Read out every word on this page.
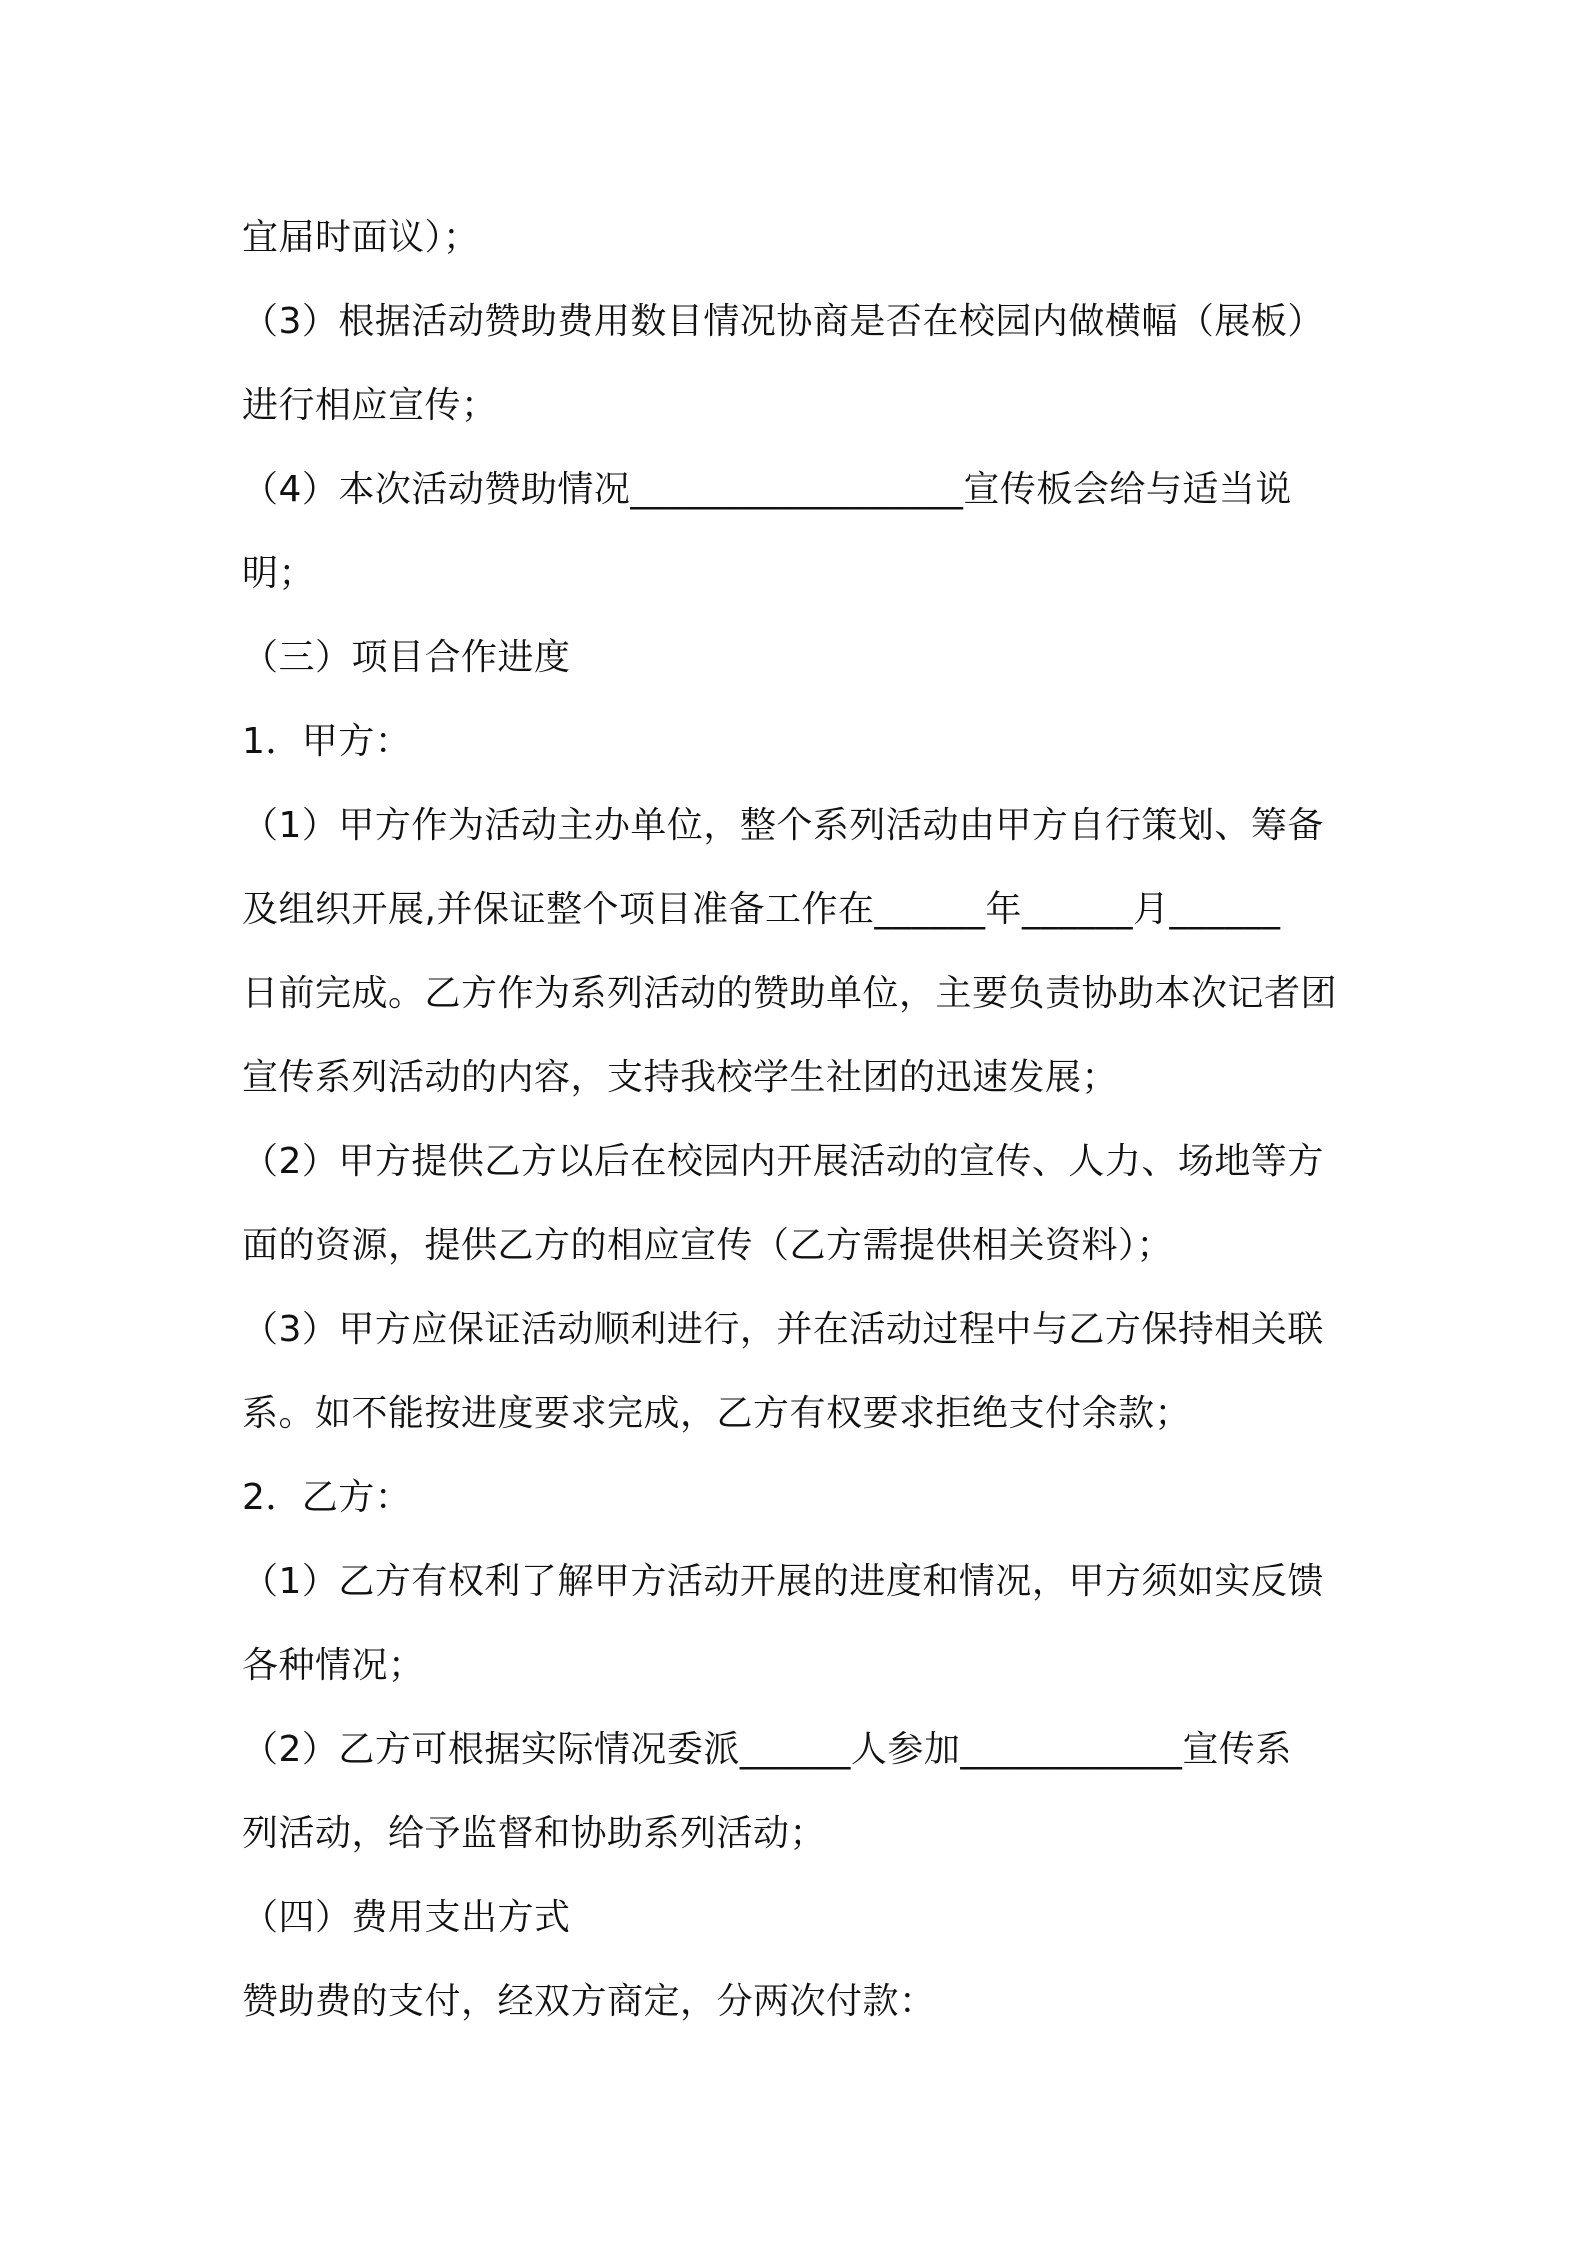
宜届时面议）；
（3）根据活动赞助费用数目情况协商是否在校园内做横幅（展板）
进行相应宣传；
（4）本次活动赞助情况__________________宣传板会给与适当说
明；
（三）项目合作进度
1．甲方：
（1）甲方作为活动主办单位，整个系列活动由甲方自行策划、筹备
及组织开展,并保证整个项目准备工作在______年______月______
日前完成。乙方作为系列活动的赞助单位，主要负责协助本次记者团
宣传系列活动的内容，支持我校学生社团的迅速发展；
（2）甲方提供乙方以后在校园内开展活动的宣传、人力、场地等方
面的资源，提供乙方的相应宣传（乙方需提供相关资料）；
（3）甲方应保证活动顺利进行，并在活动过程中与乙方保持相关联
系。如不能按进度要求完成，乙方有权要求拒绝支付余款；
2．乙方：
（1）乙方有权利了解甲方活动开展的进度和情况，甲方须如实反馈
各种情况；
（2）乙方可根据实际情况委派______人参加____________宣传系
列活动，给予监督和协助系列活动；
（四）费用支出方式
赞助费的支付，经双方商定，分两次付款：
